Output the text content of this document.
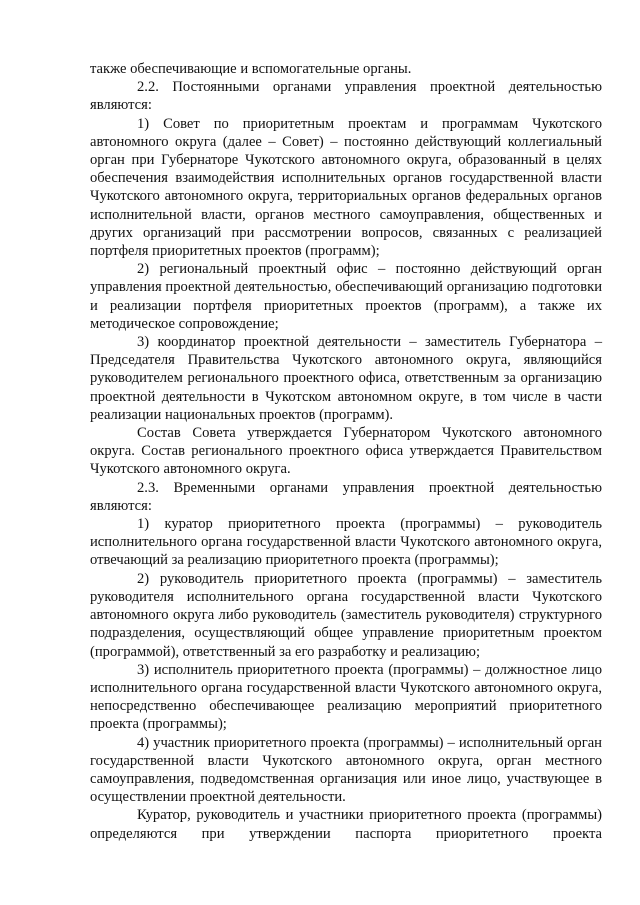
также обеспечивающие и вспомогательные органы.

2.2. Постоянными органами управления проектной деятельностью являются:

1) Совет по приоритетным проектам и программам Чукотского автономного округа (далее – Совет) – постоянно действующий коллегиальный орган при Губернаторе Чукотского автономного округа, образованный в целях обеспечения взаимодействия исполнительных органов государственной власти Чукотского автономного округа, территориальных органов федеральных органов исполнительной власти, органов местного самоуправления, общественных и других организаций при рассмотрении вопросов, связанных с реализацией портфеля приоритетных проектов (программ);

2) региональный проектный офис – постоянно действующий орган управления проектной деятельностью, обеспечивающий организацию подготовки и реализации портфеля приоритетных проектов (программ), а также их методическое сопровождение;

3) координатор проектной деятельности – заместитель Губернатора – Председателя Правительства Чукотского автономного округа, являющийся руководителем регионального проектного офиса, ответственным за организацию проектной деятельности в Чукотском автономном округе, в том числе в части реализации национальных проектов (программ).

Состав Совета утверждается Губернатором Чукотского автономного округа. Состав регионального проектного офиса утверждается Правительством Чукотского автономного округа.

2.3. Временными органами управления проектной деятельностью являются:

1) куратор приоритетного проекта (программы) – руководитель исполнительного органа государственной власти Чукотского автономного округа, отвечающий за реализацию приоритетного проекта (программы);

2) руководитель приоритетного проекта (программы) – заместитель руководителя исполнительного органа государственной власти Чукотского автономного округа либо руководитель (заместитель руководителя) структурного подразделения, осуществляющий общее управление приоритетным проектом (программой), ответственный за его разработку и реализацию;

3) исполнитель приоритетного проекта (программы) – должностное лицо исполнительного органа государственной власти Чукотского автономного округа, непосредственно обеспечивающее реализацию мероприятий приоритетного проекта (программы);

4) участник приоритетного проекта (программы) – исполнительный орган государственной власти Чукотского автономного округа, орган местного самоуправления, подведомственная организация или иное лицо, участвующее в осуществлении проектной деятельности.

Куратор, руководитель и участники приоритетного проекта (программы) определяются при утверждении паспорта приоритетного проекта
